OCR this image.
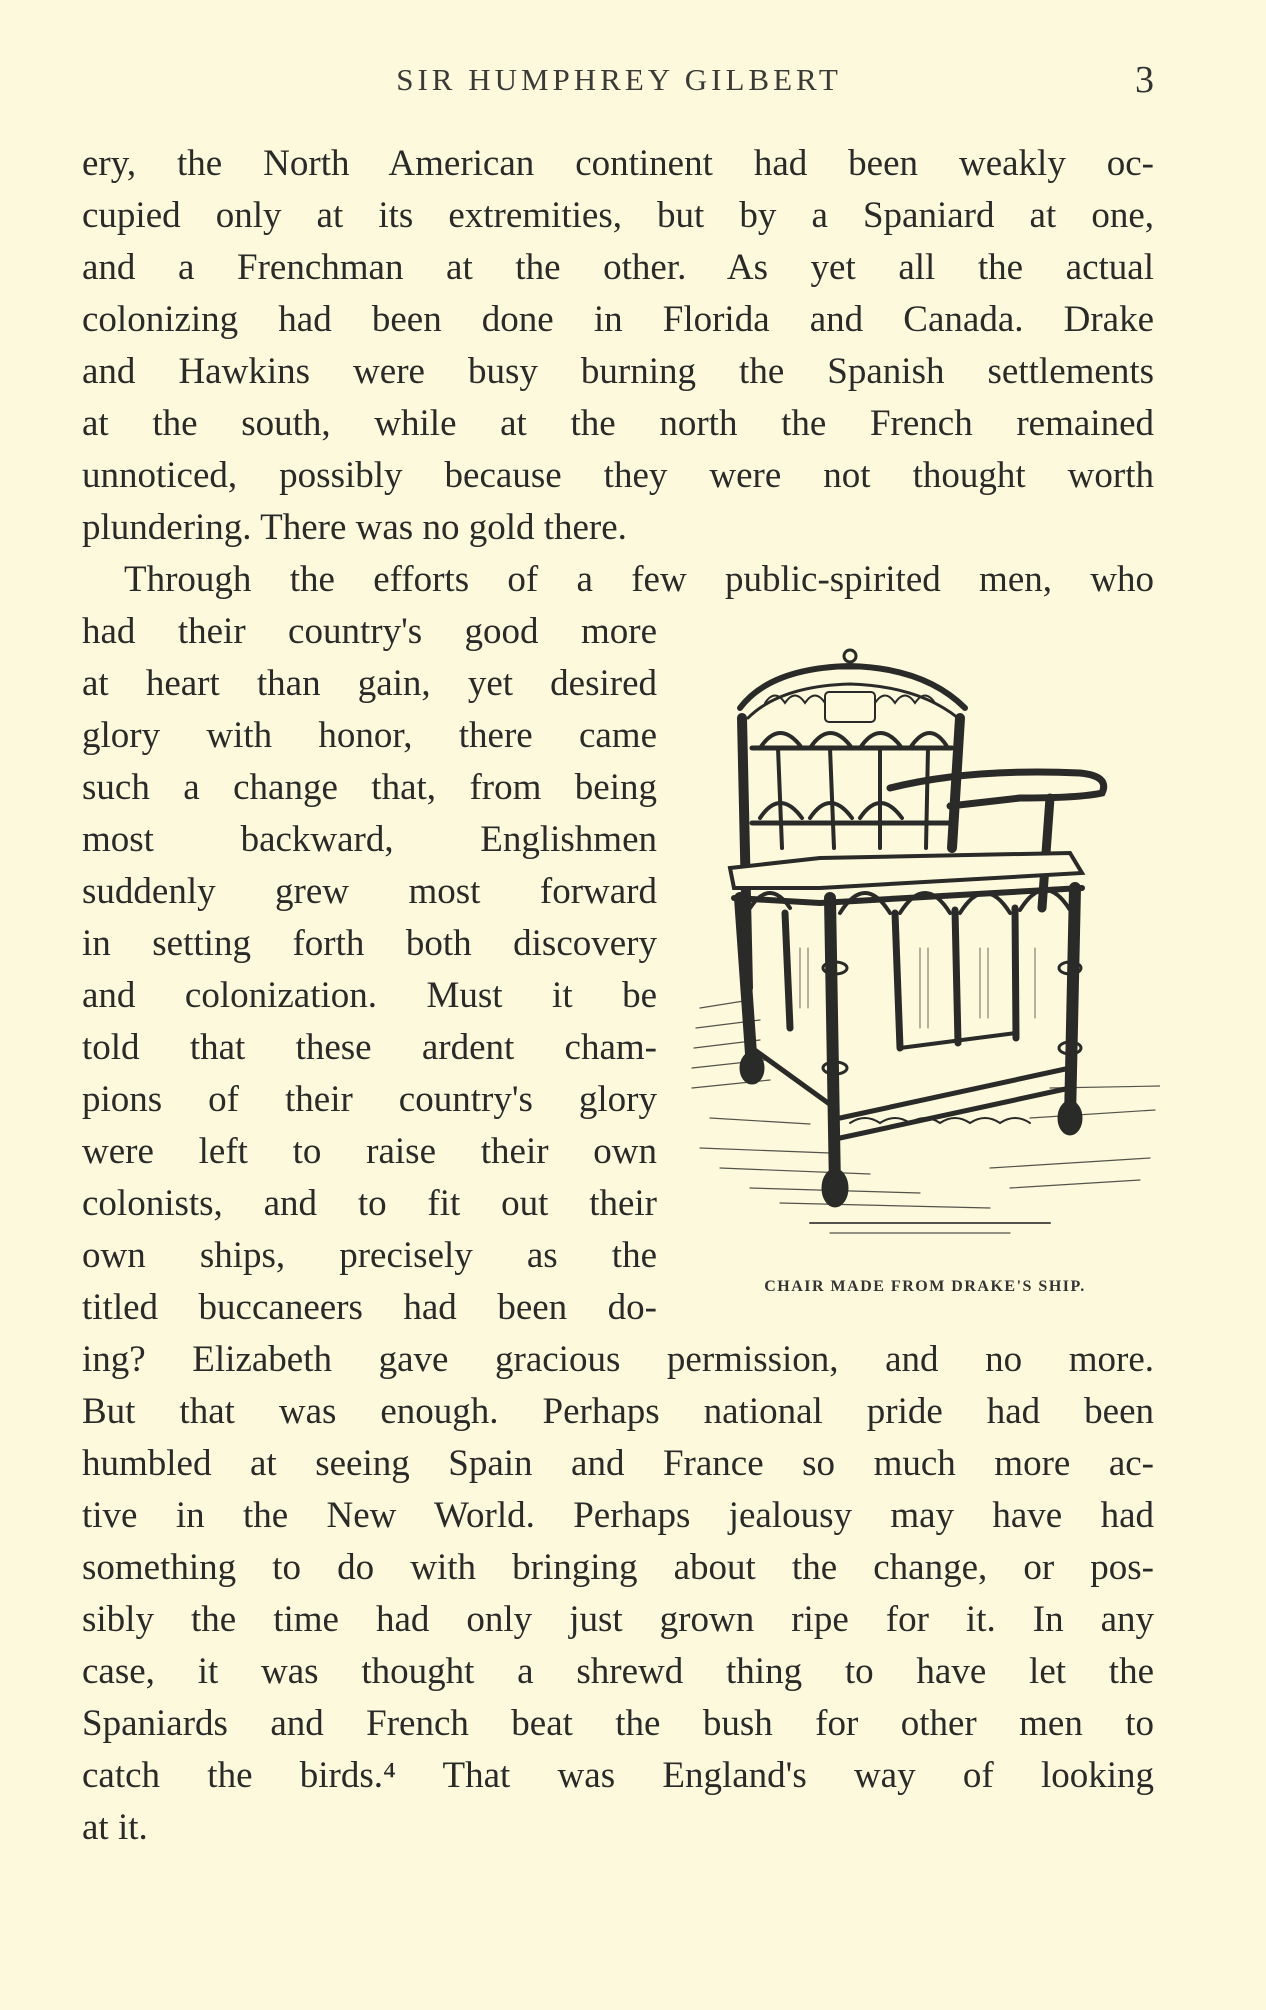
SIR HUMPHREY GILBERT	3
ery, the North American continent had been weakly oc-
cupied only at its extremities, but by a Spaniard at one,
and a Frenchman at the other. As yet all the actual
colonizing had been done in Florida and Canada. Drake
and Hawkins were busy burning the Spanish settlements
at the south, while at the north the French remained
unnoticed, possibly because they were not thought worth
plundering. There was no gold there.
Through the efforts of a few public-spirited men, who
had their country's good more
at heart than gain, yet desired
glory with honor, there came
such a change that, from being
most backward, Englishmen
suddenly grew most forward
in setting forth both discovery
and colonization. Must it be
told that these ardent cham-
pions of their country's glory
were left to raise their own
colonists, and to fit out their
own ships, precisely as the
titled buccaneers had been do-
ing? Elizabeth gave gracious permission, and no more.
But that was enough. Perhaps national pride had been
humbled at seeing Spain and France so much more ac-
tive in the New World. Perhaps jealousy may have had
something to do with bringing about the change, or pos-
sibly the time had only just grown ripe for it. In any
case, it was thought a shrewd thing to have let the
Spaniards and French beat the bush for other men to
catch the birds.⁴ That was England's way of looking
at it.
CHAIR MADE FROM DRAKE'S SHIP.
